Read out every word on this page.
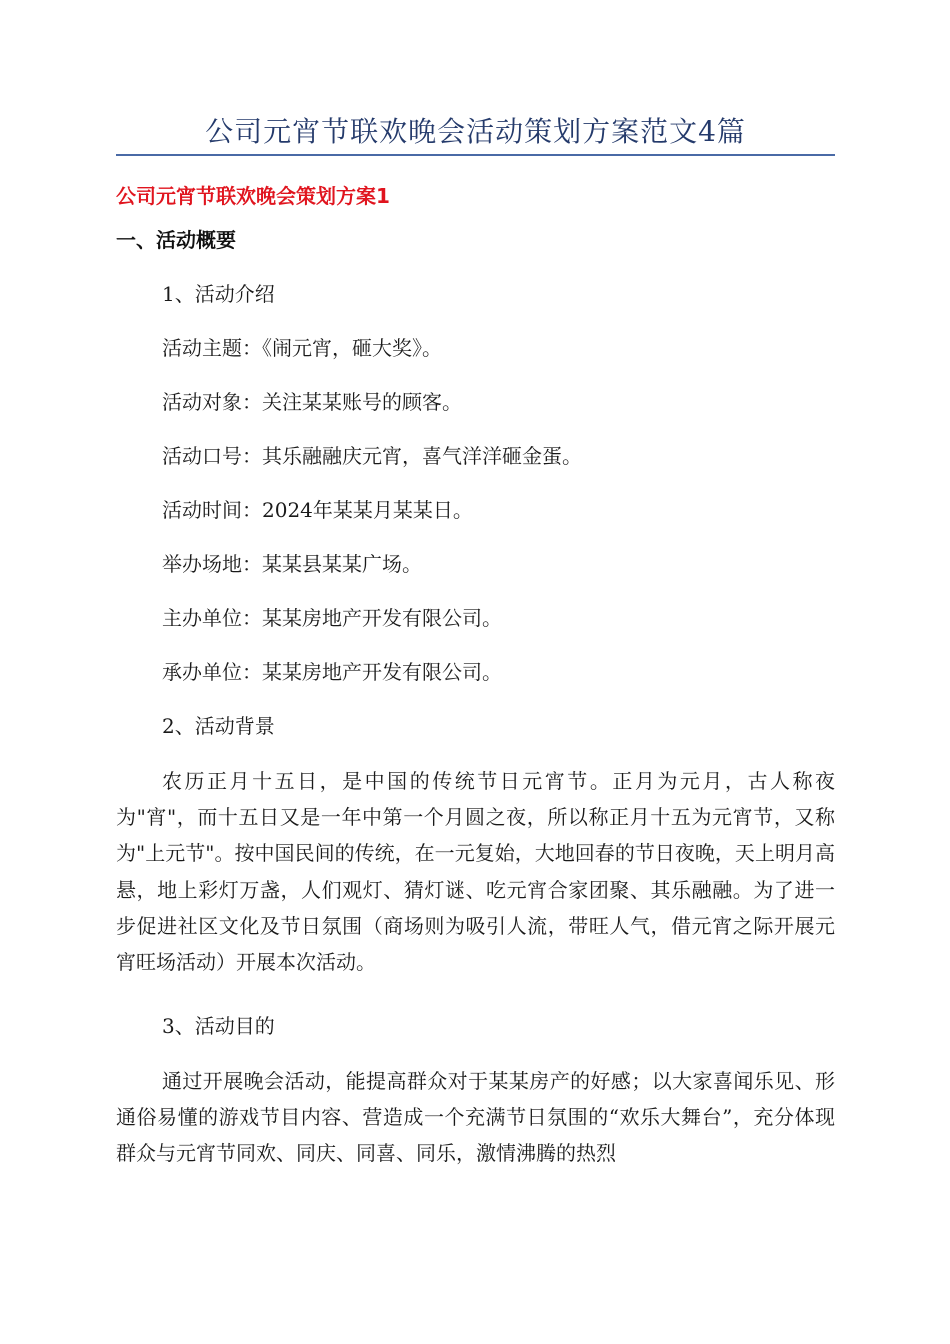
公司元宵节联欢晚会活动策划方案范文4篇
公司元宵节联欢晚会策划方案1
一、活动概要
1、活动介绍
活动主题：《闹元宵，砸大奖》。
活动对象：关注某某账号的顾客。
活动口号：其乐融融庆元宵，喜气洋洋砸金蛋。
活动时间：2024年某某月某某日。
举办场地：某某县某某广场。
主办单位：某某房地产开发有限公司。
承办单位：某某房地产开发有限公司。
2、活动背景
农历正月十五日，是中国的传统节日元宵节。正月为元月，古人称夜为"宵"，而十五日又是一年中第一个月圆之夜，所以称正月十五为元宵节，又称为"上元节"。按中国民间的传统，在一元复始，大地回春的节日夜晚，天上明月高悬，地上彩灯万盏，人们观灯、猜灯谜、吃元宵合家团聚、其乐融融。为了进一步促进社区文化及节日氛围（商场则为吸引人流，带旺人气，借元宵之际开展元宵旺场活动）开展本次活动。
3、活动目的
通过开展晚会活动，能提高群众对于某某房产的好感；以大家喜闻乐见、形通俗易懂的游戏节目内容、营造成一个充满节日氛围的“欢乐大舞台”，充分体现群众与元宵节同欢、同庆、同喜、同乐，激情沸腾的热烈
